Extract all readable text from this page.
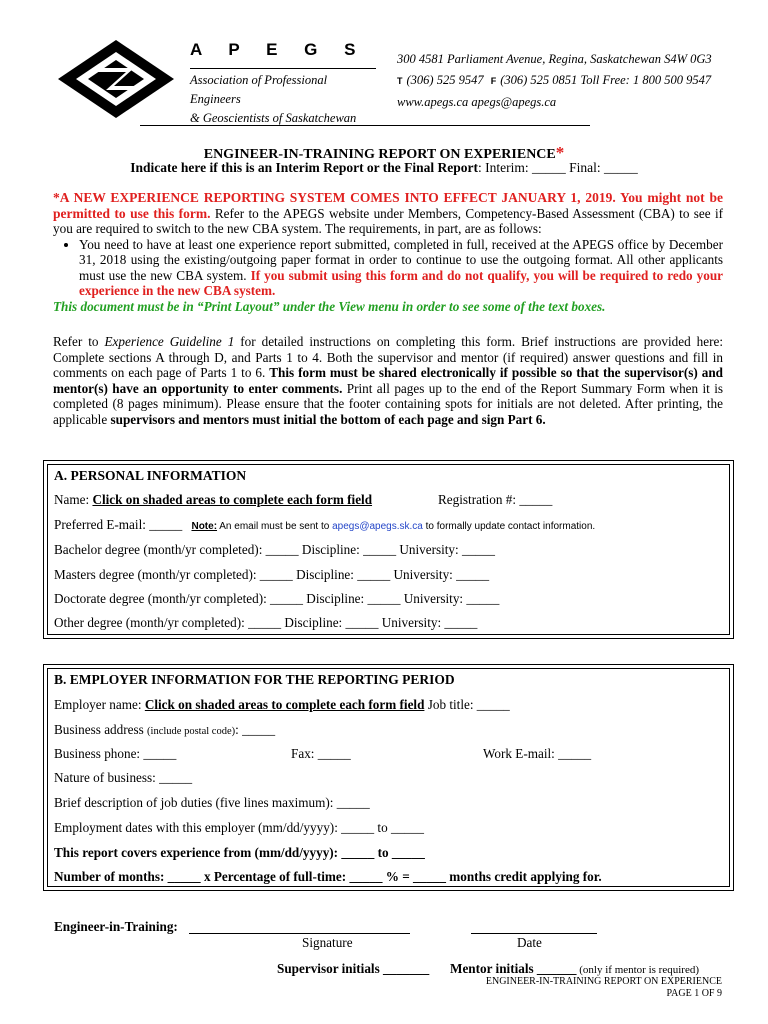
A P E G S
Association of Professional Engineers
& Geoscientists of Saskatchewan
300 4581 Parliament Avenue, Regina, Saskatchewan S4W 0G3
T (306) 525 9547 F (306) 525 0851 Toll Free: 1 800 500 9547
www.apegs.ca apegs@apegs.ca
ENGINEER-IN-TRAINING REPORT ON EXPERIENCE*
Indicate here if this is an Interim Report or the Final Report: Interim: _____ Final: _____
*A NEW EXPERIENCE REPORTING SYSTEM COMES INTO EFFECT JANUARY 1, 2019. You might not be permitted to use this form. Refer to the APEGS website under Members, Competency-Based Assessment (CBA) to see if you are required to switch to the new CBA system. The requirements, in part, are as follows:
• You need to have at least one experience report submitted, completed in full, received at the APEGS office by December 31, 2018 using the existing/outgoing paper format in order to continue to use the outgoing format. All other applicants must use the new CBA system. If you submit using this form and do not qualify, you will be required to redo your experience in the new CBA system.
This document must be in “Print Layout” under the View menu in order to see some of the text boxes.
Refer to Experience Guideline 1 for detailed instructions on completing this form. Brief instructions are provided here: Complete sections A through D, and Parts 1 to 4. Both the supervisor and mentor (if required) answer questions and fill in comments on each page of Parts 1 to 6. This form must be shared electronically if possible so that the supervisor(s) and mentor(s) have an opportunity to enter comments. Print all pages up to the end of the Report Summary Form when it is completed (8 pages minimum). Please ensure that the footer containing spots for initials are not deleted. After printing, the applicable supervisors and mentors must initial the bottom of each page and sign Part 6.
A. PERSONAL INFORMATION
Name: Click on shaded areas to complete each form field	Registration #: _____
Preferred E-mail: _____ Note: An email must be sent to apegs@apegs.sk.ca to formally update contact information.
Bachelor degree (month/yr completed): _____ Discipline: _____ University: _____
Masters degree (month/yr completed): _____ Discipline: _____ University: _____
Doctorate degree (month/yr completed): _____ Discipline: _____ University: _____
Other degree (month/yr completed): _____ Discipline: _____ University: _____
B. EMPLOYER INFORMATION FOR THE REPORTING PERIOD
Employer name: Click on shaded areas to complete each form field Job title: _____
Business address (include postal code): _____
Business phone: _____	Fax: _____	Work E-mail: _____
Nature of business: _____
Brief description of job duties (five lines maximum): _____
Employment dates with this employer (mm/dd/yyyy): _____ to _____
This report covers experience from (mm/dd/yyyy): _____ to _____
Number of months: _____ x Percentage of full-time: _____ % = _____ months credit applying for.
Engineer-in-Training:
Signature	Date
Supervisor initials _______ Mentor initials ______ (only if mentor is required)
ENGINEER-IN-TRAINING REPORT ON EXPERIENCE
PAGE 1 OF 9
